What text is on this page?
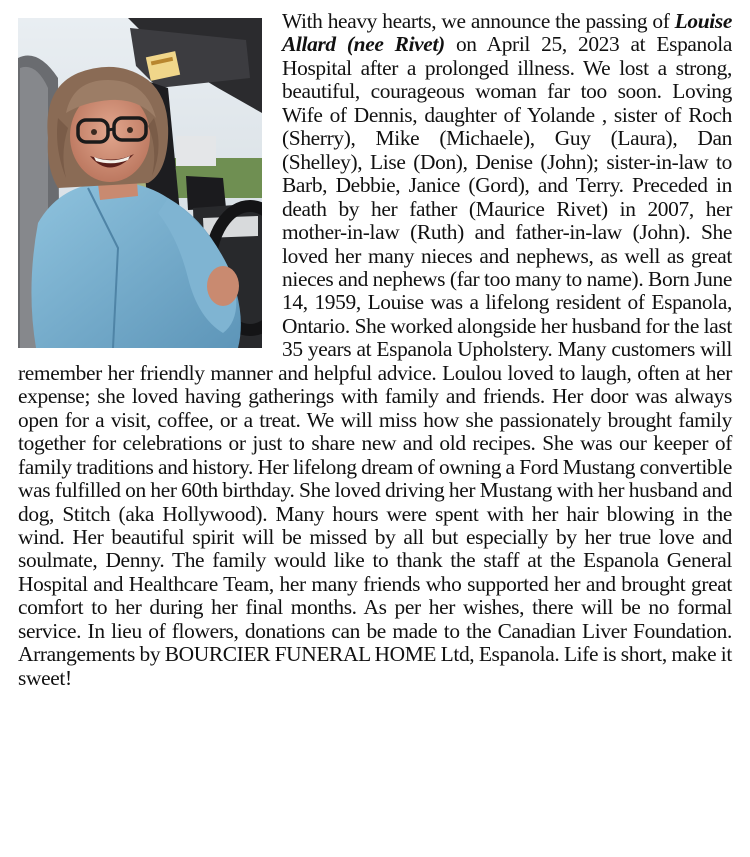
With heavy hearts, we announce the passing of Louise Allard (nee Rivet) on April 25, 2023 at Espanola Hospital after a prolonged illness. We lost a strong, beautiful, courageous woman far too soon. Loving Wife of Dennis, daughter of Yolande , sister of Roch (Sherry), Mike (Michaele), Guy (Laura), Dan (Shelley), Lise (Don), Denise (John); sister-in-law to Barb, Debbie, Janice (Gord), and Terry. Preceded in death by her father (Maurice Rivet) in 2007, her mother-in-law (Ruth) and father-in-law (John). She loved her many nieces and nephews, as well as great nieces and nephews (far too many to name). Born June 14, 1959, Louise was a lifelong resident of Espanola, Ontario. She worked alongside her husband for the last 35 years at Espanola Upholstery. Many customers will remember her friendly manner and helpful advice. Loulou loved to laugh, often at her expense; she loved having gatherings with family and friends. Her door was always open for a visit, coffee, or a treat. We will miss how she passionately brought family together for celebrations or just to share new and old recipes. She was our keeper of family traditions and history. Her lifelong dream of owning a Ford Mustang convertible was fulfilled on her 60th birthday. She loved driving her Mustang with her husband and dog, Stitch (aka Hollywood). Many hours were spent with her hair blowing in the wind. Her beautiful spirit will be missed by all but especially by her true love and soulmate, Denny. The family would like to thank the staff at the Espanola General Hospital and Healthcare Team, her many friends who supported her and brought great comfort to her during her final months. As per her wishes, there will be no formal service. In lieu of flowers, donations can be made to the Canadian Liver Foundation. Arrangements by BOURCIER FUNERAL HOME Ltd, Espanola. Life is short, make it sweet!
